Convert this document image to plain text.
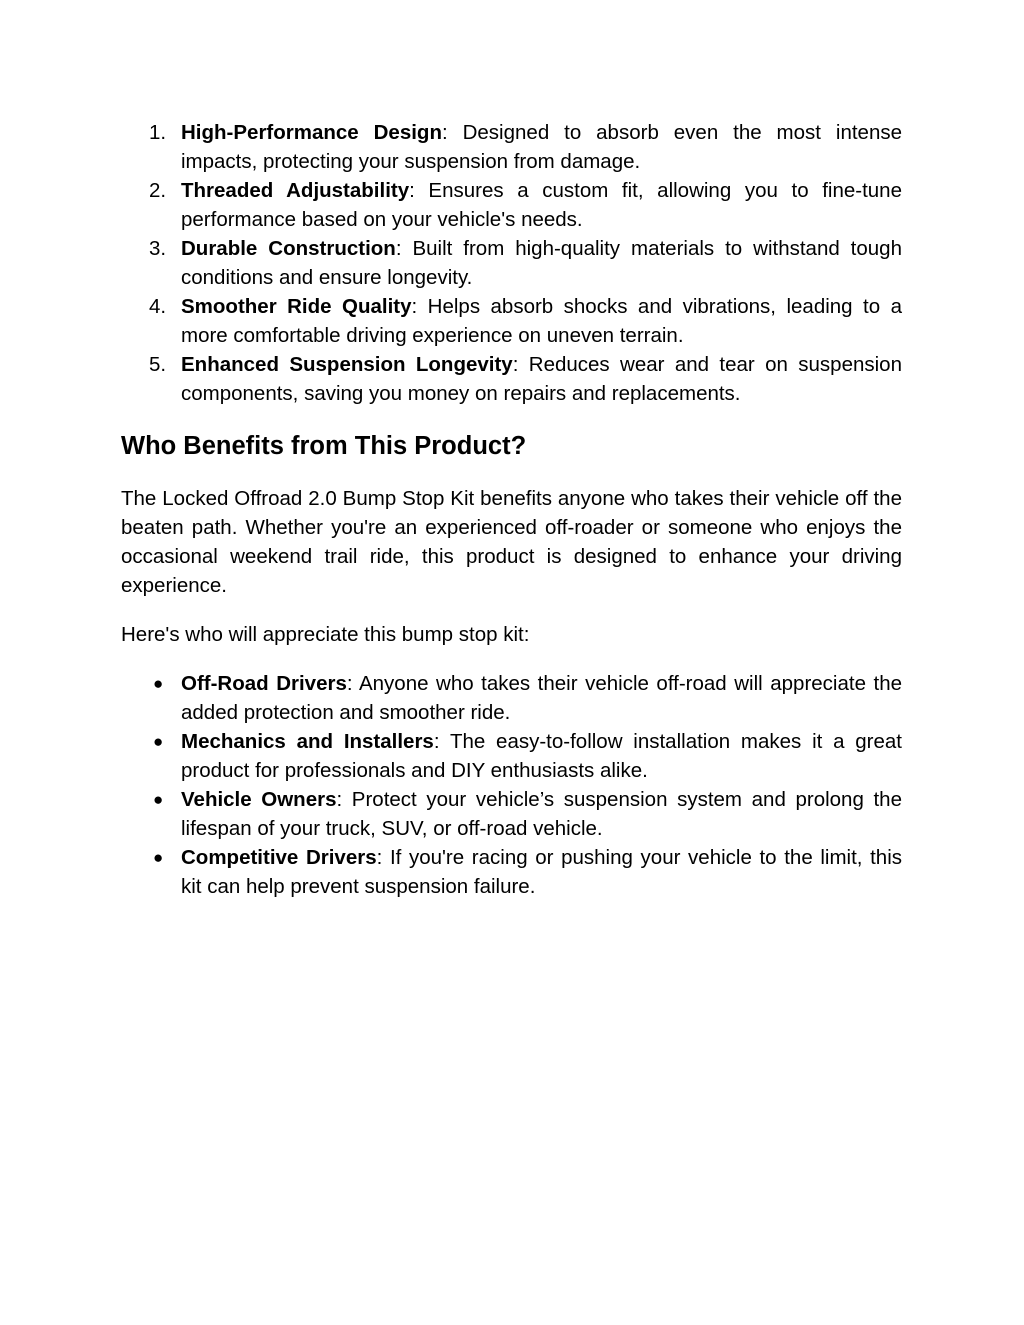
1. High-Performance Design: Designed to absorb even the most intense impacts, protecting your suspension from damage.
2. Threaded Adjustability: Ensures a custom fit, allowing you to fine-tune performance based on your vehicle's needs.
3. Durable Construction: Built from high-quality materials to withstand tough conditions and ensure longevity.
4. Smoother Ride Quality: Helps absorb shocks and vibrations, leading to a more comfortable driving experience on uneven terrain.
5. Enhanced Suspension Longevity: Reduces wear and tear on suspension components, saving you money on repairs and replacements.
Who Benefits from This Product?

The Locked Offroad 2.0 Bump Stop Kit benefits anyone who takes their vehicle off the beaten path. Whether you're an experienced off-roader or someone who enjoys the occasional weekend trail ride, this product is designed to enhance your driving experience.

Here's who will appreciate this bump stop kit:

● Off-Road Drivers: Anyone who takes their vehicle off-road will appreciate the added protection and smoother ride.
● Mechanics and Installers: The easy-to-follow installation makes it a great product for professionals and DIY enthusiasts alike.
● Vehicle Owners: Protect your vehicle’s suspension system and prolong the lifespan of your truck, SUV, or off-road vehicle.
● Competitive Drivers: If you're racing or pushing your vehicle to the limit, this kit can help prevent suspension failure.
